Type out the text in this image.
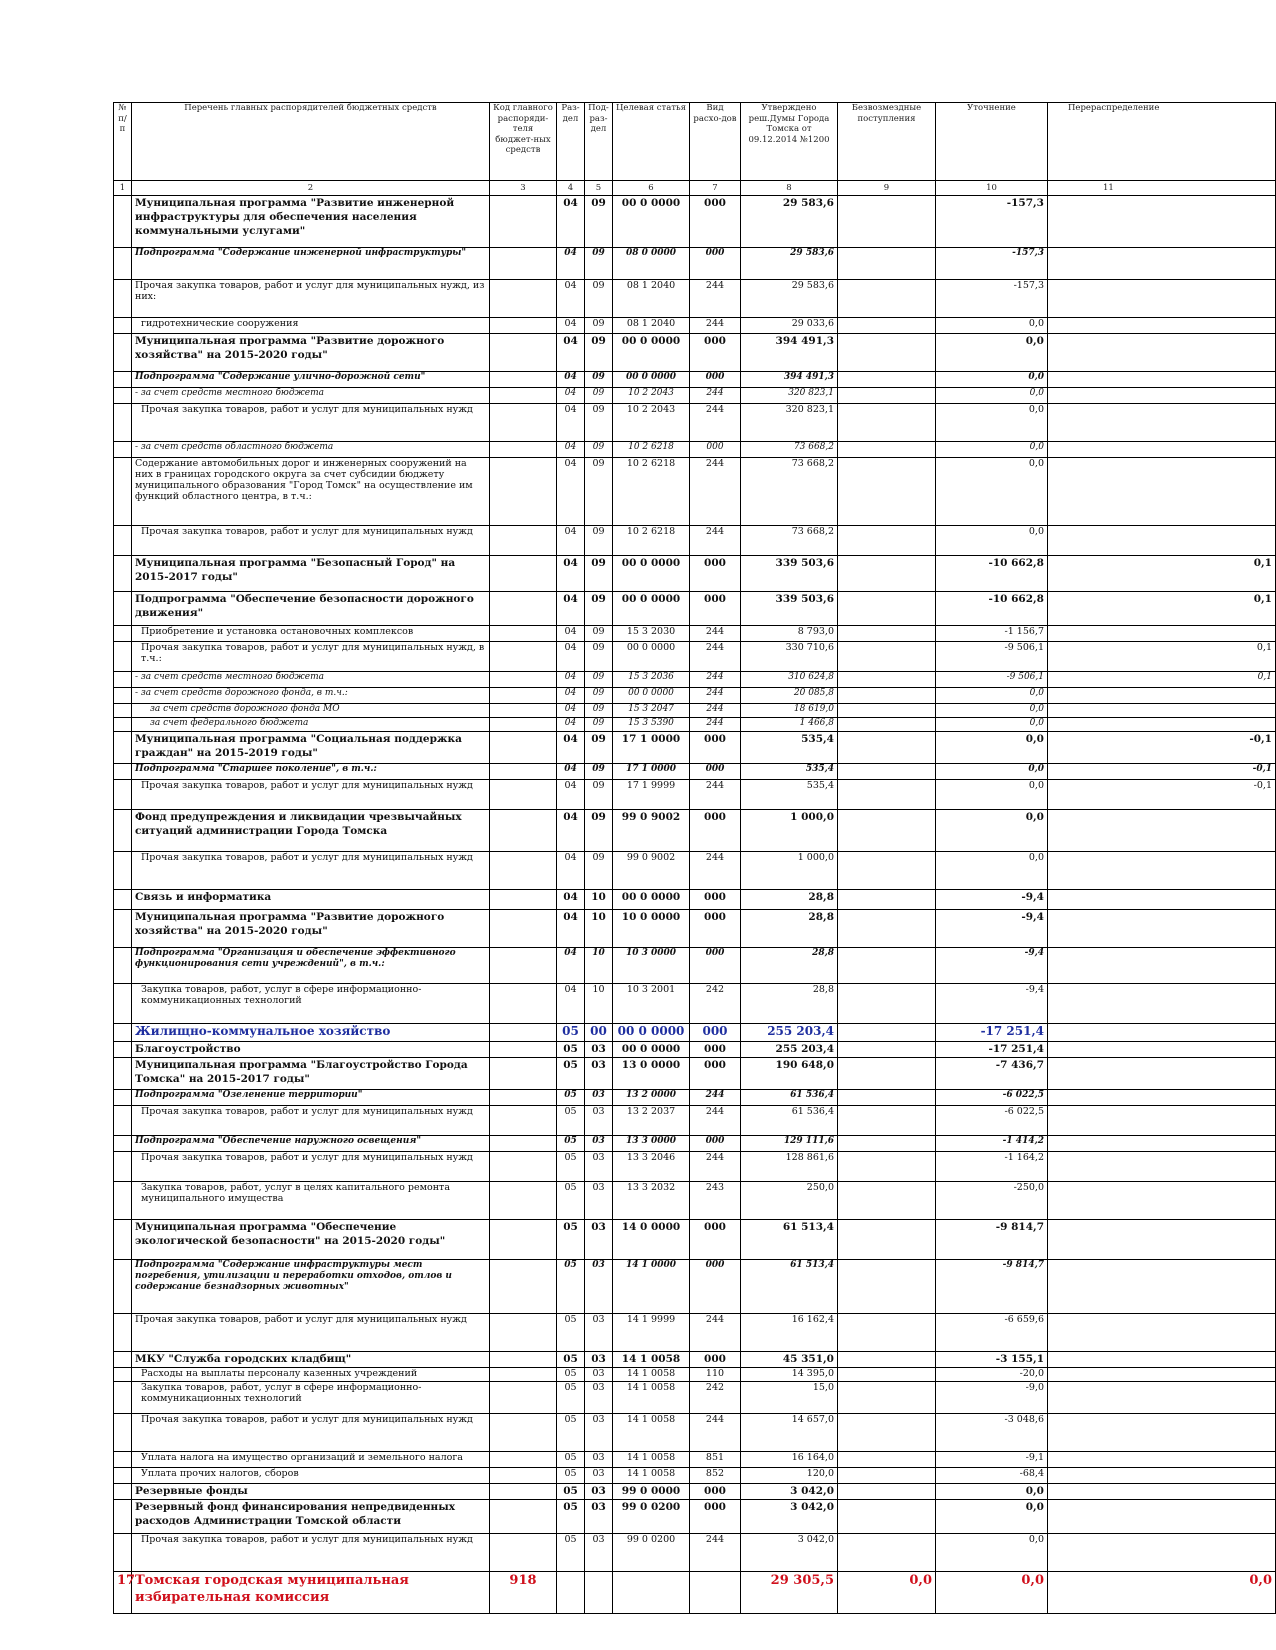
№ п/п	Перечень главных распорядителей бюджетных средств	Код главного распоряди-теля бюджет-ных средств	Раз-дел	Под-раз-дел	Целевая статья	Вид расхо-дов	Утверждено реш.Думы Города Томска от 09.12.2014 №1200	Безвозмездные поступления	Уточнение	Перераспределение
1	2	3	4	5	6	7	8	9	10	11
	Муниципальная программа "Развитие инженерной инфраструктуры для обеспечения населения коммунальными услугами"		04	09	00 0 0000	000	29 583,6		-157,3	
	Подпрограмма "Содержание инженерной инфраструктуры"		04	09	08 0 0000	000	29 583,6		-157,3	
	Прочая закупка товаров, работ и услуг для муниципальных нужд, из них:		04	09	08 1 2040	244	29 583,6		-157,3	
	гидротехнические сооружения		04	09	08 1 2040	244	29 033,6		0,0	
	Муниципальная программа "Развитие дорожного хозяйства" на 2015-2020 годы"		04	09	00 0 0000	000	394 491,3		0,0	
	Подпрограмма "Содержание улично-дорожной сети"		04	09	00 0 0000	000	394 491,3		0,0	
	- за счет средств местного бюджета		04	09	10 2 2043	244	320 823,1		0,0	
	Прочая закупка товаров, работ и услуг для муниципальных нужд		04	09	10 2 2043	244	320 823,1		0,0	
	- за счет средств областного бюджета		04	09	10 2 6218	000	73 668,2		0,0	
	Содержание автомобильных дорог и инженерных сооружений на них в границах городского округа за счет субсидии бюджету муниципального образования "Город Томск" на осуществление им функций областного центра, в т.ч.:		04	09	10 2 6218	244	73 668,2		0,0	
	Прочая закупка товаров, работ и услуг для муниципальных нужд		04	09	10 2 6218	244	73 668,2		0,0	
	Муниципальная программа "Безопасный Город" на 2015-2017 годы"		04	09	00 0 0000	000	339 503,6		-10 662,8	0,1
	Подпрограмма "Обеспечение безопасности дорожного движения"		04	09	00 0 0000	000	339 503,6		-10 662,8	0,1
	Приобретение и установка остановочных комплексов		04	09	15 3 2030	244	8 793,0		-1 156,7	
	Прочая закупка товаров, работ и услуг для муниципальных нужд, в т.ч.:		04	09	00 0 0000	244	330 710,6		-9 506,1	0,1
	- за счет средств местного бюджета		04	09	15 3 2036	244	310 624,8		-9 506,1	0,1
	- за счет средств дорожного фонда, в т.ч.:		04	09	00 0 0000	244	20 085,8		0,0	
	за счет средств дорожного фонда МО		04	09	15 3 2047	244	18 619,0		0,0	
	за счет федерального бюджета		04	09	15 3 5390	244	1 466,8		0,0	
	Муниципальная программа "Социальная поддержка граждан" на 2015-2019 годы"		04	09	17 1 0000	000	535,4		0,0	-0,1
	Подпрограмма "Старшее поколение", в т.ч.:		04	09	17 1 0000	000	535,4		0,0	-0,1
	Прочая закупка товаров, работ и услуг для муниципальных нужд		04	09	17 1 9999	244	535,4		0,0	-0,1
	Фонд предупреждения и ликвидации чрезвычайных ситуаций администрации Города Томска		04	09	99 0 9002	000	1 000,0		0,0	
	Прочая закупка товаров, работ и услуг для муниципальных нужд		04	09	99 0 9002	244	1 000,0		0,0	
	Связь и информатика		04	10	00 0 0000	000	28,8		-9,4	
	Муниципальная программа "Развитие дорожного хозяйства" на 2015-2020 годы"		04	10	10 0 0000	000	28,8		-9,4	
	Подпрограмма "Организация и обеспечение эффективного функционирования сети учреждений", в т.ч.:		04	10	10 3 0000	000	28,8		-9,4	
	Закупка товаров, работ, услуг в сфере информационно-коммуникационных технологий		04	10	10 3 2001	242	28,8		-9,4	
	Жилищно-коммунальное хозяйство		05	00	00 0 0000	000	255 203,4		-17 251,4	
	Благоустройство		05	03	00 0 0000	000	255 203,4		-17 251,4	
	Муниципальная программа "Благоустройство Города Томска" на 2015-2017 годы"		05	03	13 0 0000	000	190 648,0		-7 436,7	
	Подпрограмма "Озеленение территории"		05	03	13 2 0000	244	61 536,4		-6 022,5	
	Прочая закупка товаров, работ и услуг для муниципальных нужд		05	03	13 2 2037	244	61 536,4		-6 022,5	
	Подпрограмма "Обеспечение наружного освещения"		05	03	13 3 0000	000	129 111,6		-1 414,2	
	Прочая закупка товаров, работ и услуг для муниципальных нужд		05	03	13 3 2046	244	128 861,6		-1 164,2	
	Закупка товаров, работ, услуг в целях капитального ремонта муниципального имущества		05	03	13 3 2032	243	250,0		-250,0	
	Муниципальная программа "Обеспечение экологической безопасности" на 2015-2020 годы"		05	03	14 0 0000	000	61 513,4		-9 814,7	
	Подпрограмма "Содержание инфраструктуры мест погребения, утилизации и переработки отходов, отлов и содержание безнадзорных животных"		05	03	14 1 0000	000	61 513,4		-9 814,7	
	Прочая закупка товаров, работ и услуг для муниципальных нужд		05	03	14 1 9999	244	16 162,4		-6 659,6	
	МКУ "Служба городских кладбищ"		05	03	14 1 0058	000	45 351,0		-3 155,1	
	Расходы на выплаты персоналу казенных учреждений		05	03	14 1 0058	110	14 395,0		-20,0	
	Закупка товаров, работ, услуг в сфере информационно-коммуникационных технологий		05	03	14 1 0058	242	15,0		-9,0	
	Прочая закупка товаров, работ и услуг для муниципальных нужд		05	03	14 1 0058	244	14 657,0		-3 048,6	
	Уплата налога на имущество организаций и земельного налога		05	03	14 1 0058	851	16 164,0		-9,1	
	Уплата прочих налогов, сборов		05	03	14 1 0058	852	120,0		-68,4	
	Резервные фонды		05	03	99 0 0000	000	3 042,0		0,0	
	Резервный фонд финансирования непредвиденных расходов Администрации Томской области		05	03	99 0 0200	000	3 042,0		0,0	
	Прочая закупка товаров, работ и услуг для муниципальных нужд		05	03	99 0 0200	244	3 042,0		0,0	
17	Томская городская муниципальная избирательная комиссия	918					29 305,5	0,0	0,0	0,0
